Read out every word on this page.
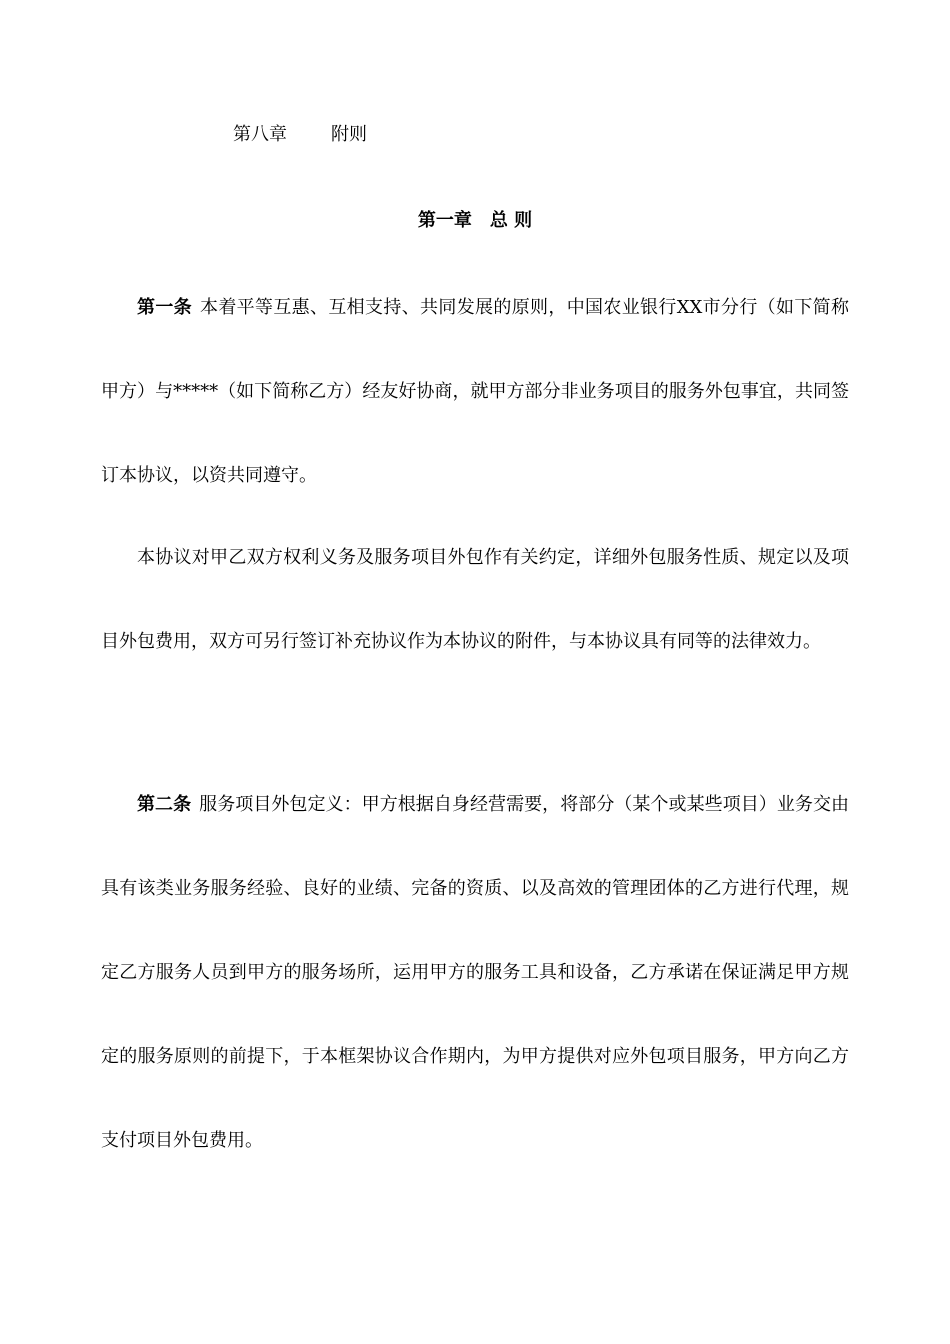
第八章 附则
第一章 总 则

第一条 本着平等互惠、互相支持、共同发展的原则，中国农业银行XX市分行（如下简称甲方）与*****（如下简称乙方）经友好协商，就甲方部分非业务项目的服务外包事宜，共同签订本协议，以资共同遵守。

本协议对甲乙双方权利义务及服务项目外包作有关约定，详细外包服务性质、规定以及项目外包费用，双方可另行签订补充协议作为本协议的附件，与本协议具有同等的法律效力。

第二条 服务项目外包定义：甲方根据自身经营需要，将部分（某个或某些项目）业务交由具有该类业务服务经验、良好的业绩、完备的资质、以及高效的管理团体的乙方进行代理，规定乙方服务人员到甲方的服务场所，运用甲方的服务工具和设备，乙方承诺在保证满足甲方规定的服务原则的前提下，于本框架协议合作期内，为甲方提供对应外包项目服务，甲方向乙方支付项目外包费用。
